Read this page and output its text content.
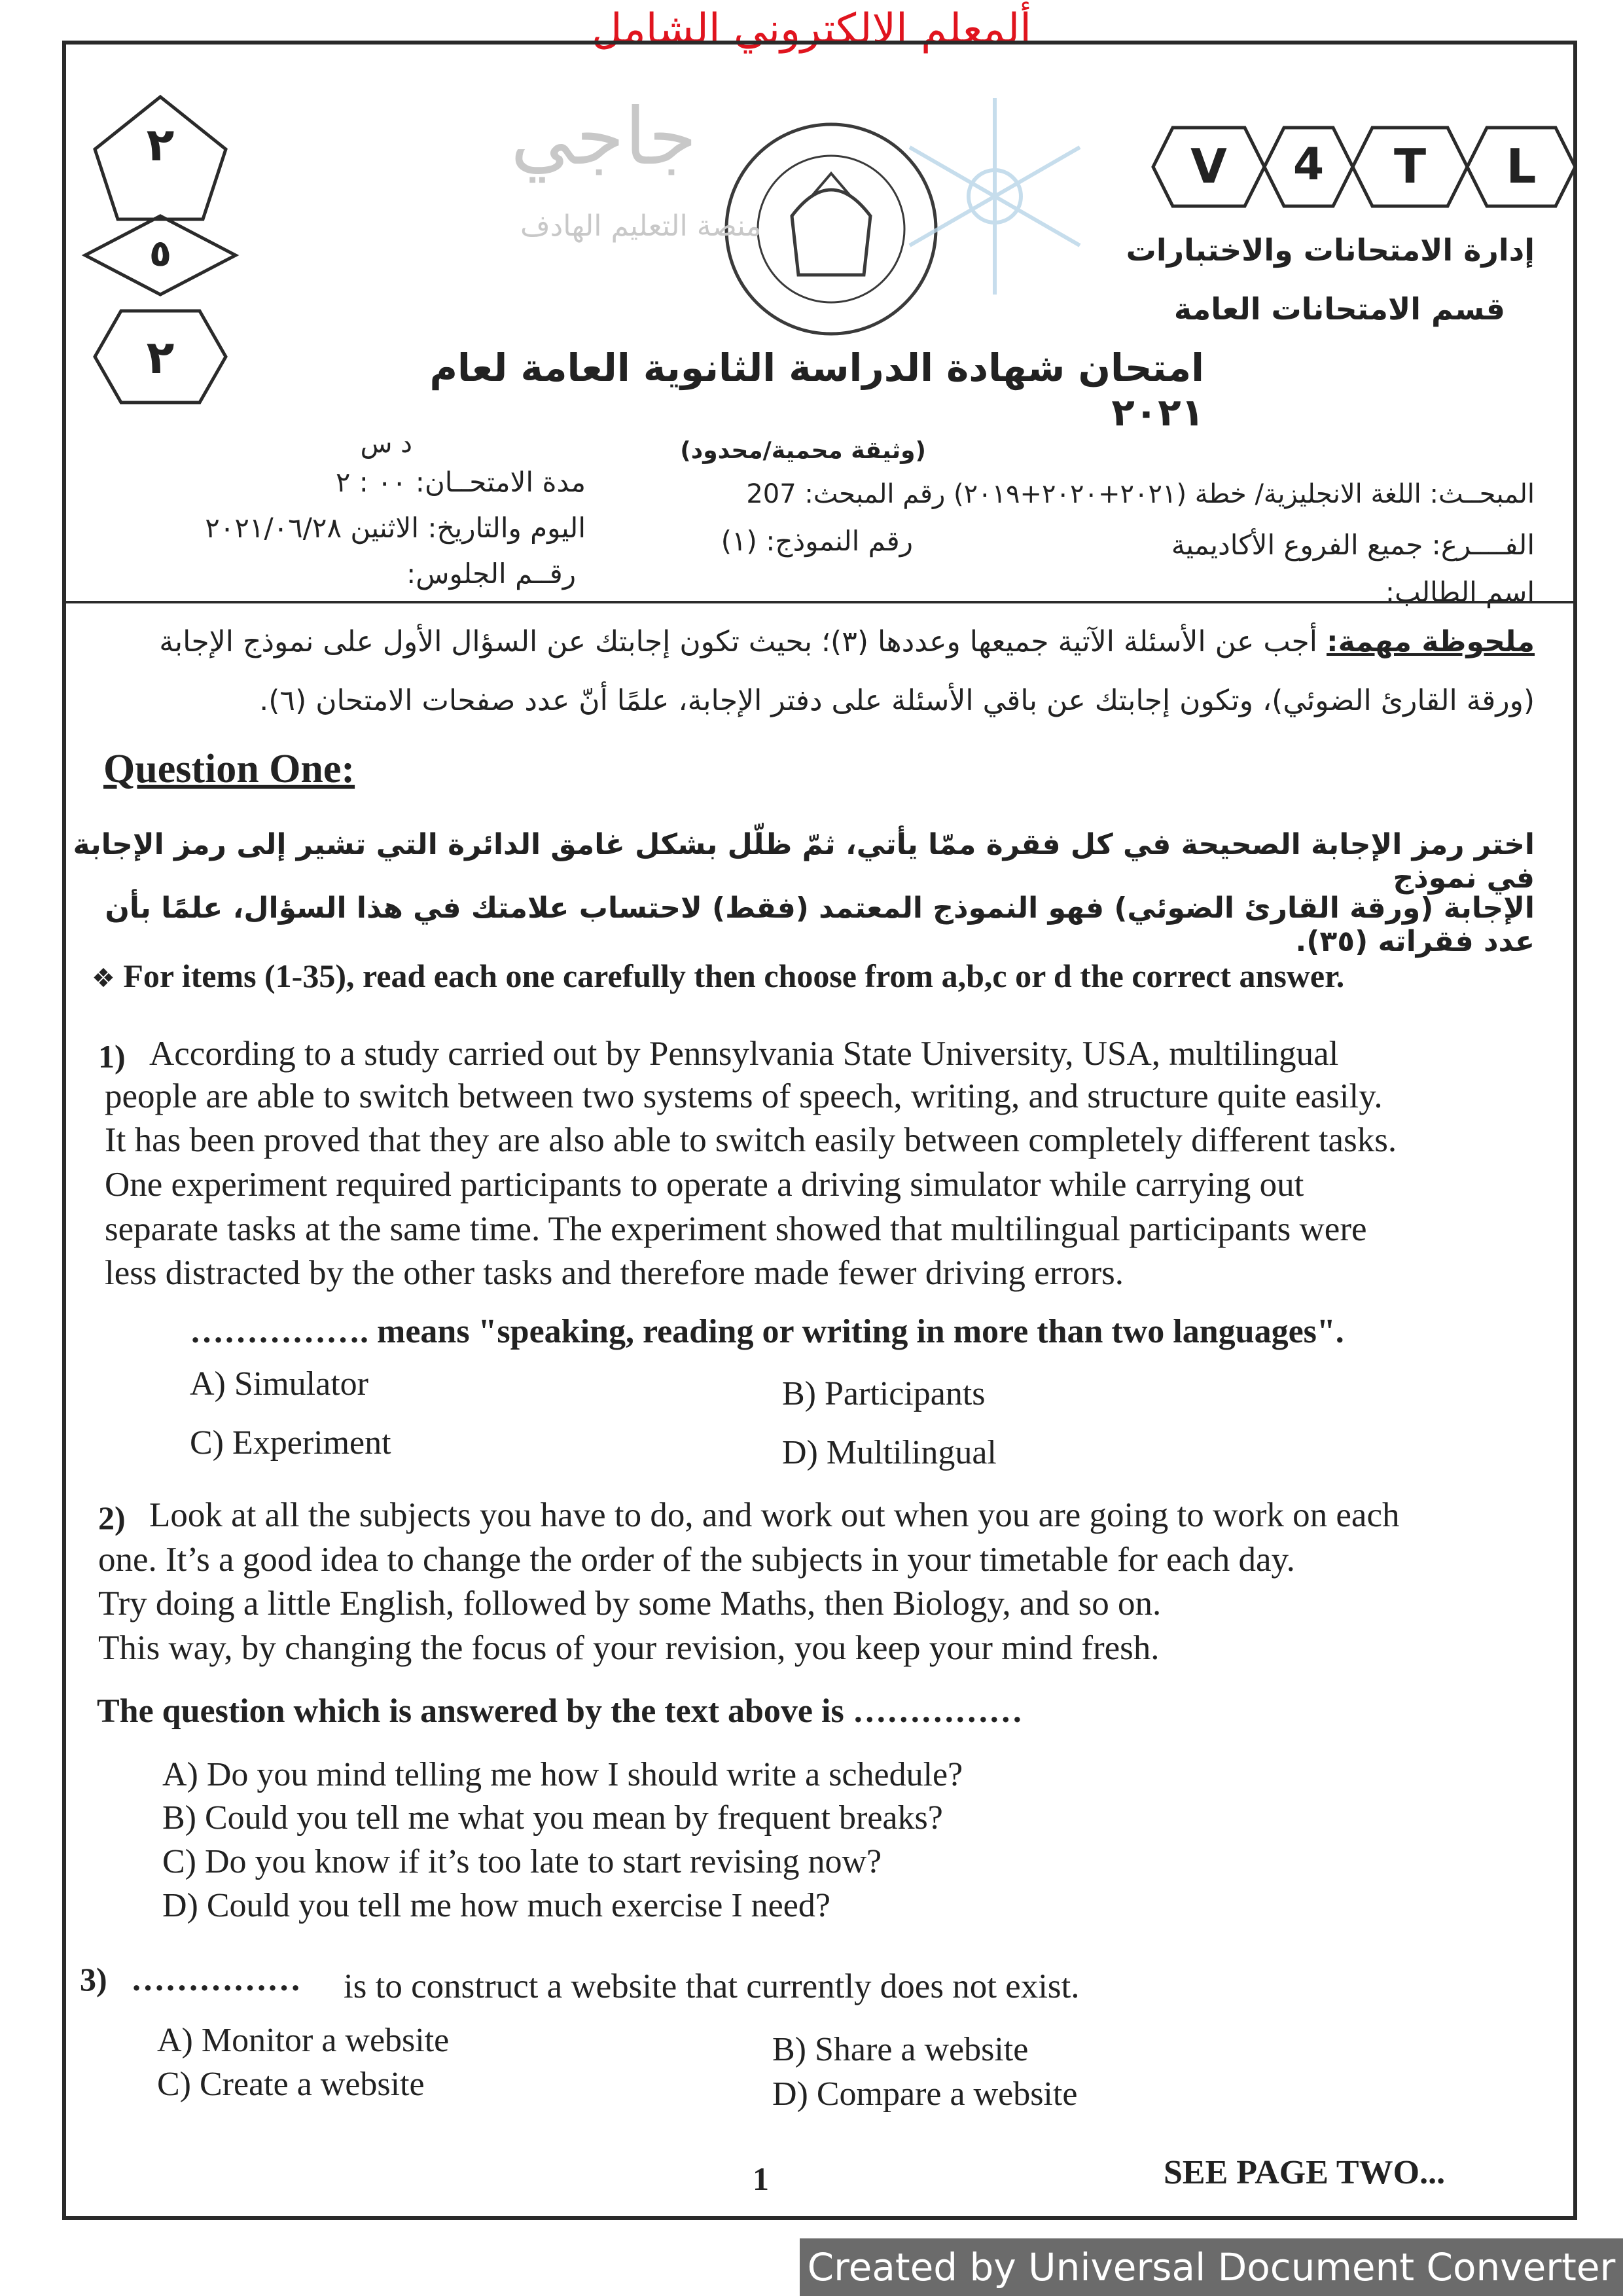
ألمعلم الالكتروني الشامل
٢
٥
٢
V	4	T	L
جاجي
منصة التعليم الهادف
إدارة الامتحانات والاختبارات
قسم الامتحانات العامة
امتحان شهادة الدراسة الثانوية العامة لعام ٢٠٢١
(وثيقة محمية/محدود)
المبحــث: اللغة الانجليزية/ خطة (٢٠٢١+٢٠٢٠+٢٠١٩) رقم المبحث: 207
الفــــرع: جميع الفروع الأكاديمية
رقم النموذج: (١)
اسم الطالب:
د س
مدة الامتحــان: ٠٠ : ٢
اليوم والتاريخ: الاثنين ٢٠٢١/٠٦/٢٨
رقــم الجلوس:
ملحوظة مهمة: أجب عن الأسئلة الآتية جميعها وعددها (٣)؛ بحيث تكون إجابتك عن السؤال الأول على نموذج الإجابة
(ورقة القارئ الضوئي)، وتكون إجابتك عن باقي الأسئلة على دفتر الإجابة، علمًا أنّ عدد صفحات الامتحان (٦).
Question One:
اختر رمز الإجابة الصحيحة في كل فقرة ممّا يأتي، ثمّ ظلّل بشكل غامق الدائرة التي تشير إلى رمز الإجابة في نموذج
الإجابة (ورقة القارئ الضوئي) فهو النموذج المعتمد (فقط) لاحتساب علامتك في هذا السؤال، علمًا بأن عدد فقراته (٣٥).
❖ For items (1-35), read each one carefully then choose from a,b,c or d the correct answer.
1) According to a study carried out by Pennsylvania State University, USA, multilingual
people are able to switch between two systems of speech, writing, and structure quite easily.
It has been proved that they are also able to switch easily between completely different tasks.
One experiment required participants to operate a driving simulator while carrying out
separate tasks at the same time. The experiment showed that multilingual participants were
less distracted by the other tasks and therefore made fewer driving errors.
……………. means "speaking, reading or writing in more than two languages".
A) Simulator	B) Participants
C) Experiment	D) Multilingual
2) Look at all the subjects you have to do, and work out when you are going to work on each
one. It’s a good idea to change the order of the subjects in your timetable for each day.
Try doing a little English, followed by some Maths, then Biology, and so on.
This way, by changing the focus of your revision, you keep your mind fresh.
The question which is answered by the text above is ……………
A) Do you mind telling me how I should write a schedule?
B) Could you tell me what you mean by frequent breaks?
C) Do you know if it’s too late to start revising now?
D) Could you tell me how much exercise I need?
3) …………… is to construct a website that currently does not exist.
A) Monitor a website	B) Share a website
C) Create a website	D) Compare a website
1	SEE PAGE TWO...
Created by Universal Document Converter
